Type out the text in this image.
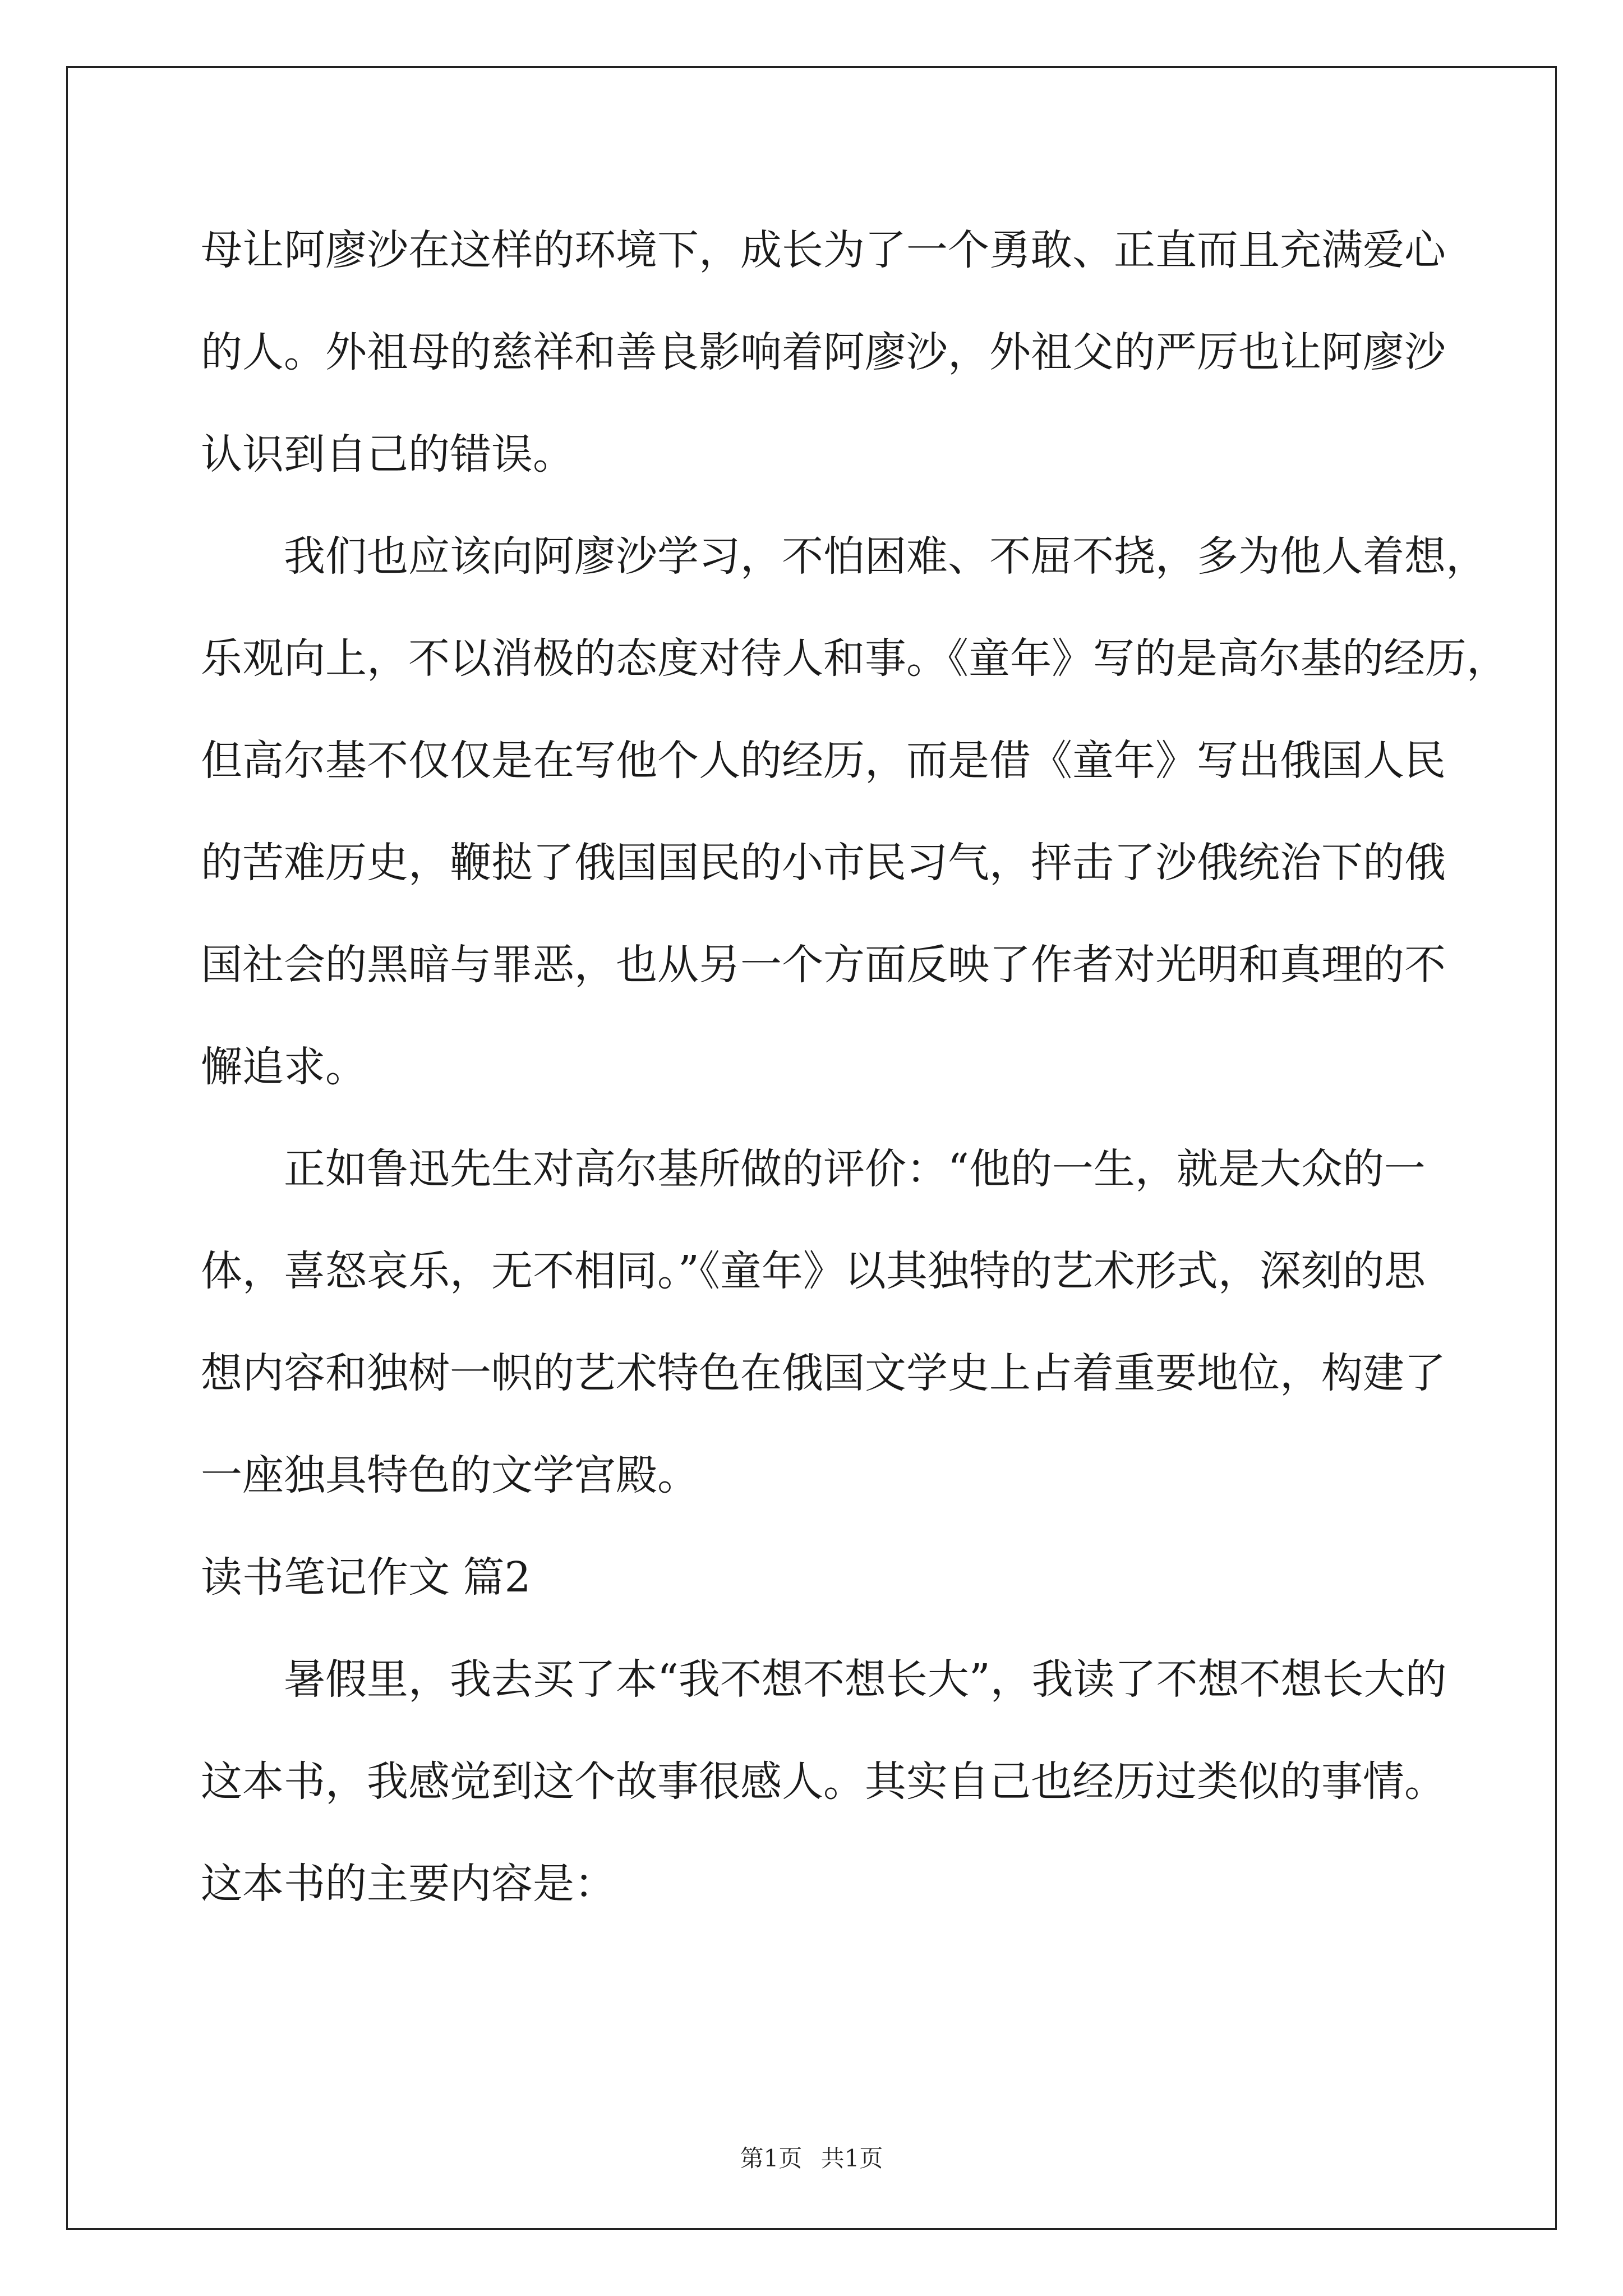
母让阿廖沙在这样的环境下，成长为了一个勇敢、正直而且充满爱心
的人。外祖母的慈祥和善良影响着阿廖沙，外祖父的严厉也让阿廖沙
认识到自己的错误。
我们也应该向阿廖沙学习，不怕困难、不屈不挠，多为他人着想，
乐观向上，不以消极的态度对待人和事。《童年》写的是高尔基的经历，
但高尔基不仅仅是在写他个人的经历，而是借《童年》写出俄国人民
的苦难历史，鞭挞了俄国国民的小市民习气，抨击了沙俄统治下的俄
国社会的黑暗与罪恶，也从另一个方面反映了作者对光明和真理的不
懈追求。
正如鲁迅先生对高尔基所做的评价：“他的一生，就是大众的一
体，喜怒哀乐，无不相同。”《童年》以其独特的艺术形式，深刻的思
想内容和独树一帜的艺术特色在俄国文学史上占着重要地位，构建了
一座独具特色的文学宫殿。
读书笔记作文 篇2
暑假里，我去买了本“我不想不想长大”，我读了不想不想长大的
这本书，我感觉到这个故事很感人。其实自己也经历过类似的事情。
这本书的主要内容是：
第1页 共1页
